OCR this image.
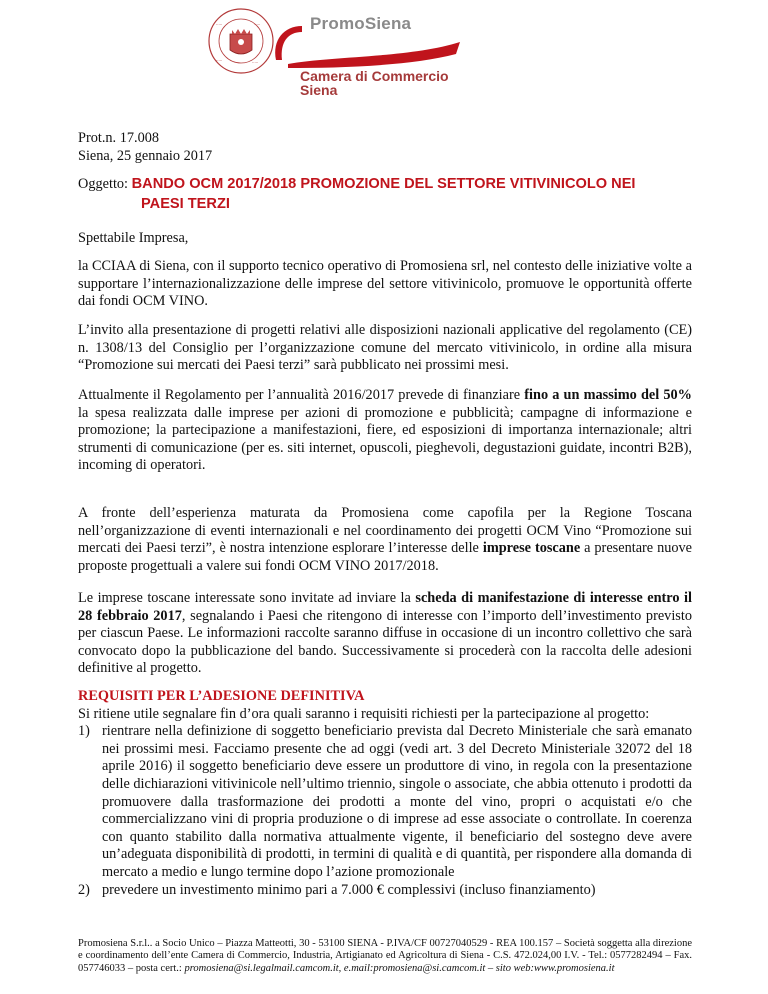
·····	·····
·····	·····
PromoSiena
Camera di Commercio
Siena
Prot.n. 17.008
Siena, 25 gennaio 2017
Oggetto: BANDO OCM 2017/2018 PROMOZIONE DEL SETTORE VITIVINICOLO NEI
PAESI TERZI
Spettabile Impresa,
la CCIAA di Siena, con il supporto tecnico operativo di Promosiena srl, nel contesto delle iniziative volte a supportare l’internazionalizzazione delle imprese del settore vitivinicolo, promuove le opportunità offerte dai fondi OCM VINO.
L’invito alla presentazione di progetti relativi alle disposizioni nazionali applicative del regolamento (CE) n. 1308/13 del Consiglio per l’organizzazione comune del mercato vitivinicolo, in ordine alla misura “Promozione sui mercati dei Paesi terzi” sarà pubblicato nei prossimi mesi.
Attualmente il Regolamento per l’annualità 2016/2017 prevede di finanziare fino a un massimo del 50% la spesa realizzata dalle imprese per azioni di promozione e pubblicità; campagne di informazione e promozione; la partecipazione a manifestazioni, fiere, ed esposizioni di importanza internazionale; altri strumenti di comunicazione (per es. siti internet, opuscoli, pieghevoli, degustazioni guidate, incontri B2B), incoming di operatori.
A fronte dell’esperienza maturata da Promosiena come capofila per la Regione Toscana nell’organizzazione di eventi internazionali e nel coordinamento dei progetti OCM Vino “Promozione sui mercati dei Paesi terzi”, è nostra intenzione esplorare l’interesse delle imprese toscane a presentare nuove proposte progettuali a valere sui fondi OCM VINO 2017/2018.
Le imprese toscane interessate sono invitate ad inviare la scheda di manifestazione di interesse entro il 28 febbraio 2017, segnalando i Paesi che ritengono di interesse con l’importo dell’investimento previsto per ciascun Paese. Le informazioni raccolte saranno diffuse in occasione di un incontro collettivo che sarà convocato dopo la pubblicazione del bando. Successivamente si procederà con la raccolta delle adesioni definitive al progetto.
REQUISITI PER L’ADESIONE DEFINITIVA
Si ritiene utile segnalare fin d’ora quali saranno i requisiti richiesti per la partecipazione al progetto:
1) rientrare nella definizione di soggetto beneficiario prevista dal Decreto Ministeriale che sarà emanato nei prossimi mesi. Facciamo presente che ad oggi (vedi art. 3 del Decreto Ministeriale 32072 del 18 aprile 2016) il soggetto beneficiario deve essere un produttore di vino, in regola con la presentazione delle dichiarazioni vitivinicole nell’ultimo triennio, singole o associate, che abbia ottenuto i prodotti da promuovere dalla trasformazione dei prodotti a monte del vino, propri o acquistati e/o che commercializzano vini di propria produzione o di imprese ad esse associate o controllate. In coerenza con quanto stabilito dalla normativa attualmente vigente, il beneficiario del sostegno deve avere un’adeguata disponibilità di prodotti, in termini di qualità e di quantità, per rispondere alla domanda di mercato a medio e lungo termine dopo l’azione promozionale
2) prevedere un investimento minimo pari a 7.000 € complessivi (incluso finanziamento)
Promosiena S.r.l.. a Socio Unico – Piazza Matteotti, 30 - 53100 SIENA - P.IVA/CF 00727040529 - REA 100.157 – Società soggetta alla direzione e coordinamento dell’ente Camera di Commercio, Industria, Artigianato ed Agricoltura di Siena - C.S. 472.024,00 I.V. - Tel.: 0577282494 – Fax. 057746033 – posta cert.: promosiena@si.legalmail.camcom.it, e.mail:promosiena@si.camcom.it – sito web:www.promosiena.it
